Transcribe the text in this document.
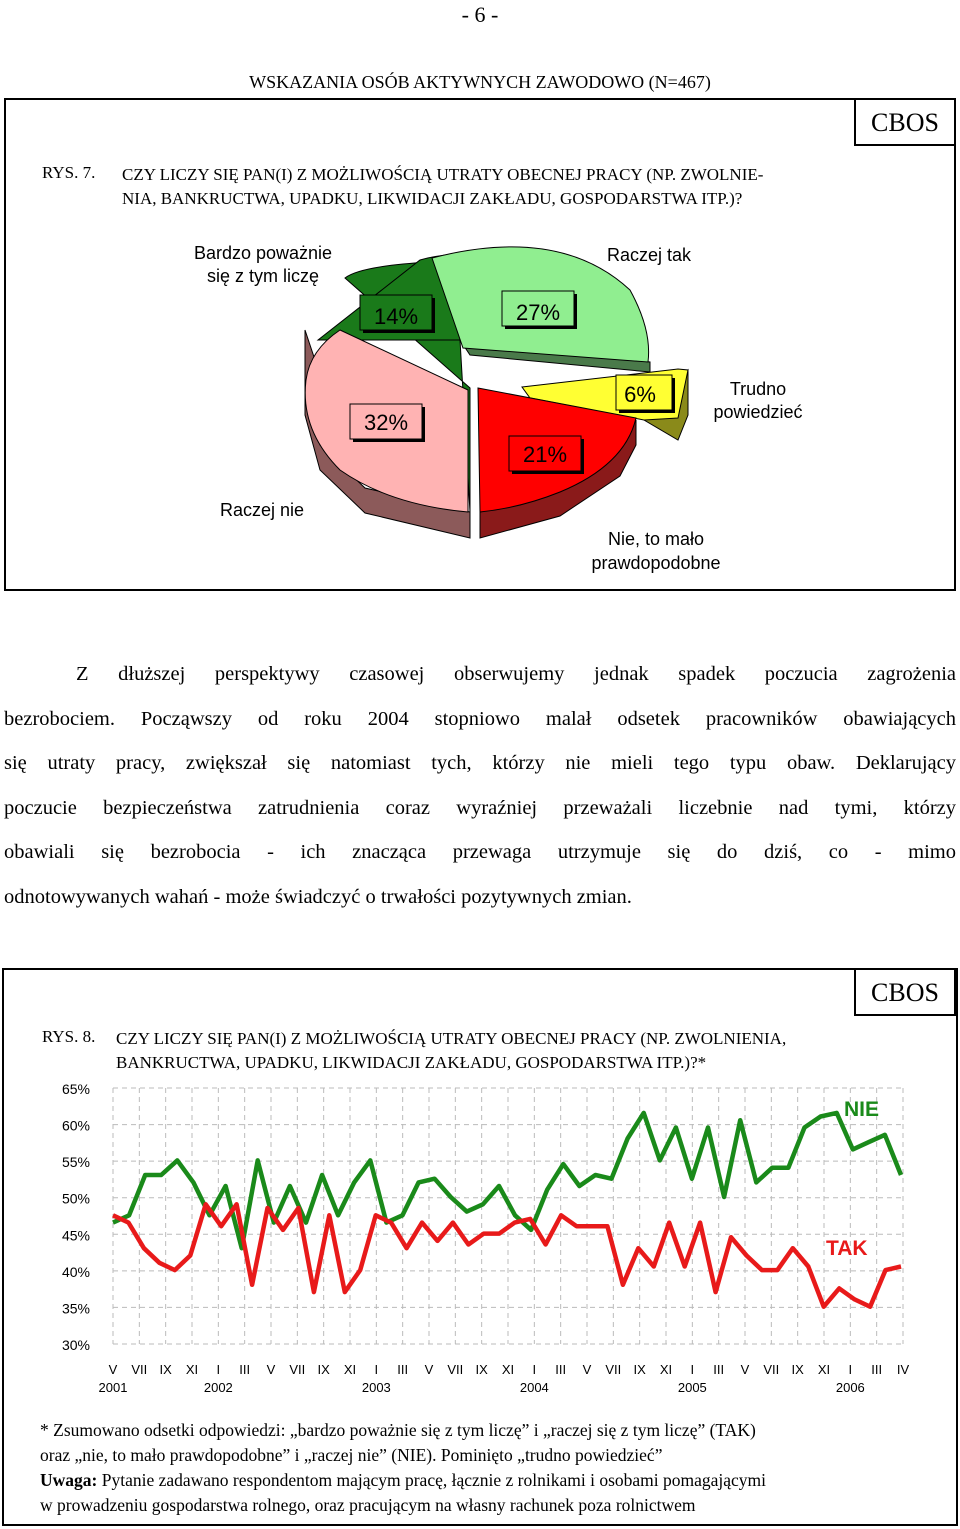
- 6 -
WSKAZANIA OSÓB AKTYWNYCH ZAWODOWO (N=467)
CBOS
RYS. 7. CZY LICZY SIĘ PAN(I) Z MOŻLIWOŚCIĄ UTRATY OBECNEJ PRACY (NP. ZWOLNIE-
NIA, BANKRUCTWA, UPADKU, LIKWIDACJI ZAKŁADU, GOSPODARSTWA ITP.)?
14%	27%
6%
21%
32%
Bardzo poważnie
się z tym liczę
Raczej tak
Trudno
powiedzieć
Raczej nie
Nie, to mało
prawdopodobne
Z dłuższej perspektywy czasowej obserwujemy jednak spadek poczucia zagrożenia
bezrobociem. Począwszy od roku 2004 stopniowo malał odsetek pracowników obawiających
się utraty pracy, zwiększał się natomiast tych, którzy nie mieli tego typu obaw. Deklarujący
poczucie bezpieczeństwa zatrudnienia coraz wyraźniej przeważali liczebnie nad tymi, którzy
obawiali się bezrobocia - ich znacząca przewaga utrzymuje się do dziś, co - mimo
odnotowywanych wahań - może świadczyć o trwałości pozytywnych zmian.
CBOS
RYS. 8. CZY LICZY SIĘ PAN(I) Z MOŻLIWOŚCIĄ UTRATY OBECNEJ PRACY (NP. ZWOLNIENIA,
BANKRUCTWA, UPADKU, LIKWIDACJI ZAKŁADU, GOSPODARSTWA ITP.)?*
65%
60%
55%
50%
45%
40%
35%
30%
V VII IX XI I III V VII IX XI I III V VII IX XI I III V VII IX XI I III V VII IX XI I III IV
2001	2002	2003	2004	2005	2006
NIE
TAK
* Zsumowano odsetki odpowiedzi: „bardzo poważnie się z tym liczę” i „raczej się z tym liczę” (TAK)
oraz „nie, to mało prawdopodobne” i „raczej nie” (NIE). Pominięto „trudno powiedzieć”
Uwaga: Pytanie zadawano respondentom mającym pracę, łącznie z rolnikami i osobami pomagającymi
w prowadzeniu gospodarstwa rolnego, oraz pracującym na własny rachunek poza rolnictwem
